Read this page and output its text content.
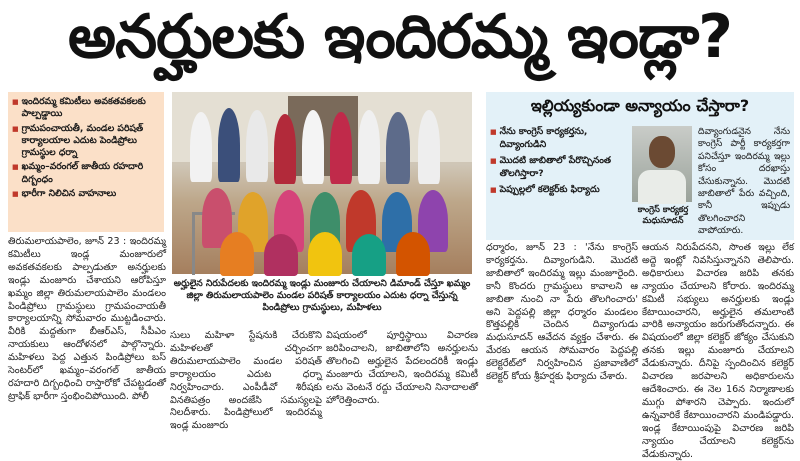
అనర్హులకు ఇందిరమ్మ ఇండ్లా?
■ ఇందిరమ్మ కమిటీలు అవకతవకలకు పాల్పడ్డాయి
■ గ్రామపంచాయతీ, మండల పరిషత్ కార్యాలయాల ఎదుట పెండిప్రోలు గ్రామస్థుల ధర్నా
■ ఖమ్మం–వరంగల్ జాతీయ రహదారి దిగ్బంధం
■ భారీగా నిలిచిన వాహనాలు
తిరుమలాయపాలెం, జూన్ 23 : ఇందిరమ్మ కమిటీలు ఇండ్ల మంజూరులో అవకతవకలకు పాల్పడుతూ అనర్హులకు ఇండ్లు మంజూరు చేశాయని ఆరోపిస్తూ ఖమ్మం జిల్లా తిరుమలాయపాలెం మండలం పిండిప్రోలు గ్రామస్థులు గ్రామపంచాయతీ కార్యాలయాన్ని సోమవారం ముట్టడించారు. వీరికి మద్దతుగా బీఆర్ఎస్, సీపీఎం నాయకులు ఆందోళనలో పాల్గొన్నారు. మహిళలు పెద్ద ఎత్తున పిండిప్రోలు బస్ సెంటర్‌లో ఖమ్మం–వరంగల్ జాతీయ రహదారి దిగ్బంధించి రాస్తారోకో చేపట్టడంతో ట్రాఫిక్ భారీగా స్తంభించిపోయింది. పోలీ
అర్హులైన నిరుపేదలకు ఇందిరమ్మ ఇండ్లు మంజూరు చేయాలని డిమాండ్ చేస్తూ ఖమ్మం జిల్లా తిరుమలాయపాలెం మండల పరిషత్ కార్యాలయం ఎదుట ధర్నా చేస్తున్న పిండిప్రోలు గ్రామస్థులు, మహిళలు
సులు మహిళా స్టేషనుకి చేరుకొని మహిళలతో చర్చించగా తిరుమలాయపాలెం మండల పరిషత్ కార్యాలయం ఎదుట ధర్నా నిర్వహించారు. ఎంపీడీవో శిరీషకు వినతిపత్రం అందజేసి సమస్యలపై నిలదీశారు. పిండిప్రోలులో ఇందిరమ్మ ఇండ్ల మంజూరు
విషయంలో పూర్తిస్థాయి విచారణ జరిపించాలని, జాబితాలోని అనర్హులను తొలగించి అర్హులైన పేదలందరికీ ఇండ్లు మంజూరు చేయాలని, ఇందిరమ్మ కమిటీ లను వెంటనే రద్దు చేయాలని నినాదాలతో హోరెత్తించారు.
ఇల్లియ్యకుండా అన్యాయం చేస్తారా?
■ నేను కాంగ్రెస్ కార్యకర్తను, దివ్యాంగుడిని
■ మొదటి జాబితాలో పేరొచ్చినంత తొలగిస్తారా?
■ పెప్పుల్లలో కలెక్టర్‌కు ఫిర్యాదు
కాంగ్రెస్ కార్యకర్త మధుసూదన్
దివ్యాంగుడనైన నేను కాంగ్రెస్ పార్టీ కార్యకర్తగా పనిచేస్తూ ఇందిరమ్మ ఇల్లు కోసం దరఖాస్తు చేసుకున్నాను. మొదటి జాబితాలో పేరు వచ్చింది, కానీ ఇప్పుడు తొలగించారని వాపోయారు.
ధర్మారం, జూన్ 23 : 'నేను కాంగ్రెస్ కార్యకర్తను. దివ్యాంగుడిని. మొదటి జాబితాలో ఇందిరమ్మ ఇల్లు మంజూరైంది. కానీ కొందరు గ్రామస్థులు కావాలని ఆ జాబితా నుంచి నా పేరు తొలగించారు' అని పెద్దపల్లి జిల్లా ధర్మారం మండలం కొత్తపల్లికి చెందిన దివ్యాంగుడు మధుసూదన్ ఆవేదన వ్యక్తం చేశారు. ఈ మేరకు ఆయన సోమవారం పెద్దపల్లి కలెక్టరేట్‌లో నిర్వహించిన ప్రజావాణిలో కలెక్టర్ కోయ శ్రీహర్షకు ఫిర్యాదు చేశారు.
ఆయన నిరుపేదనని, సొంత ఇల్లు లేక అద్దె ఇంట్లో నివసిస్తున్నానని తెలిపారు. అధికారులు విచారణ జరిపి తనకు న్యాయం చేయాలని కోరారు. ఇందిరమ్మ కమిటీ సభ్యులు అనర్హులకు ఇండ్లు కేటాయించారని, అర్హులైన తమలాంటి వారికి అన్యాయం జరుగుతోందన్నారు. ఈ విషయంలో జిల్లా కలెక్టర్ జోక్యం చేసుకుని తనకు ఇల్లు మంజూరు చేయాలని వేడుకున్నారు. దీనిపై స్పందించిన కలెక్టర్ విచారణ జరపాలని అధికారులను ఆదేశించారు. ఈ నెల 16న నిర్మాణాలకు ముగ్గు పోశారని చెప్పారు. ఇందులో ఉన్నవారికే కేటాయించారని మండిపడ్డారు. ఇండ్ల కేటాయింపుపై విచారణ జరిపి న్యాయం చేయాలని కలెక్టర్‌ను వేడుకున్నారు.
